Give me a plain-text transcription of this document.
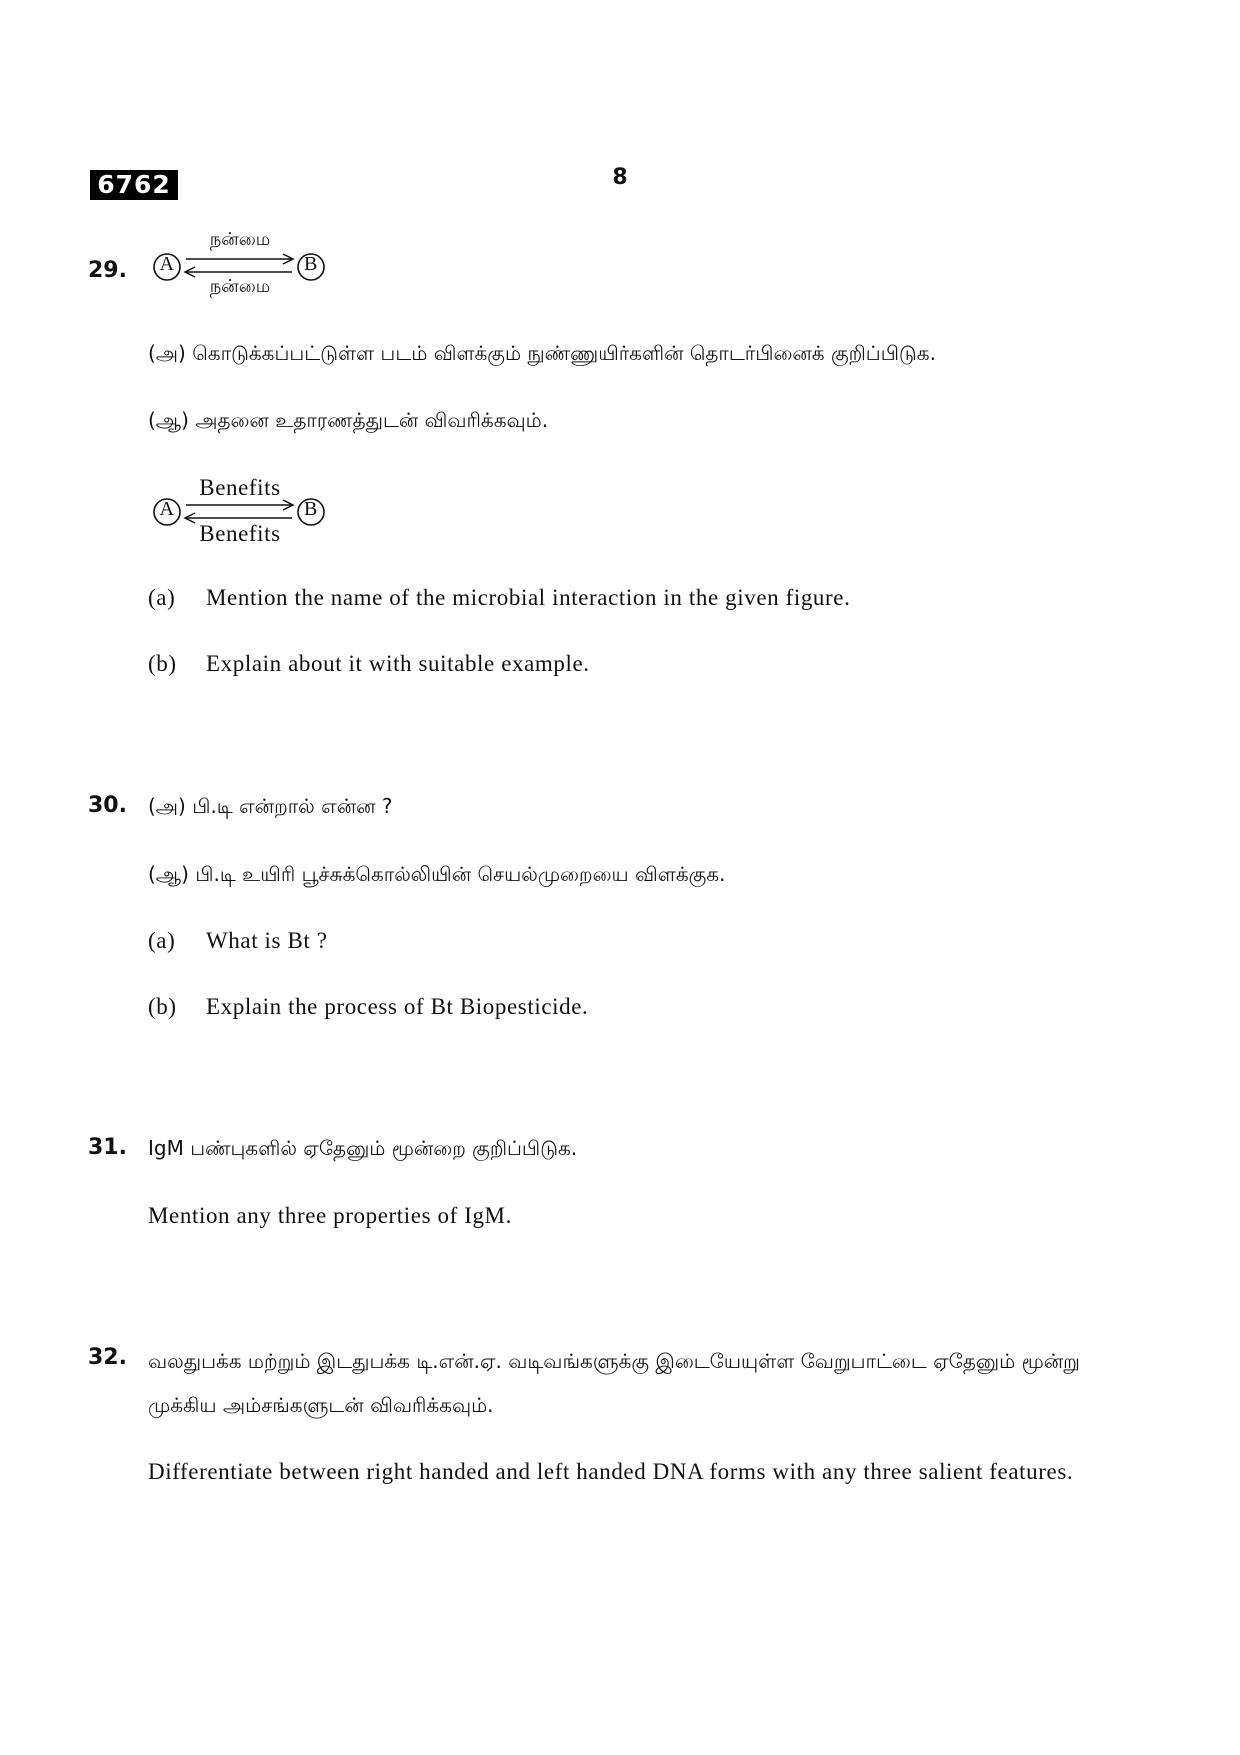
6762	8
29.
நன்மை
A	B
நன்மை
(அ) கொடுக்கப்பட்டுள்ள படம் விளக்கும் நுண்ணுயிர்களின் தொடர்பினைக் குறிப்பிடுக.
(ஆ) அதனை உதாரணத்துடன் விவரிக்கவும்.
Benefits
A	B
Benefits
(a) Mention the name of the microbial interaction in the given figure.
(b) Explain about it with suitable example.
30. (அ) பி.டி என்றால் என்ன ?
(ஆ) பி.டி உயிரி பூச்சுக்கொல்லியின் செயல்முறையை விளக்குக.
(a) What is Bt ?
(b) Explain the process of Bt Biopesticide.
31. IgM பண்புகளில் ஏதேனும் மூன்றை குறிப்பிடுக.
Mention any three properties of IgM.
32. வலதுபக்க மற்றும் இடதுபக்க டி.என்.ஏ. வடிவங்களுக்கு இடையேயுள்ள வேறுபாட்டை ஏதேனும் மூன்று முக்கிய அம்சங்களுடன் விவரிக்கவும்.
Differentiate between right handed and left handed DNA forms with any three salient features.
